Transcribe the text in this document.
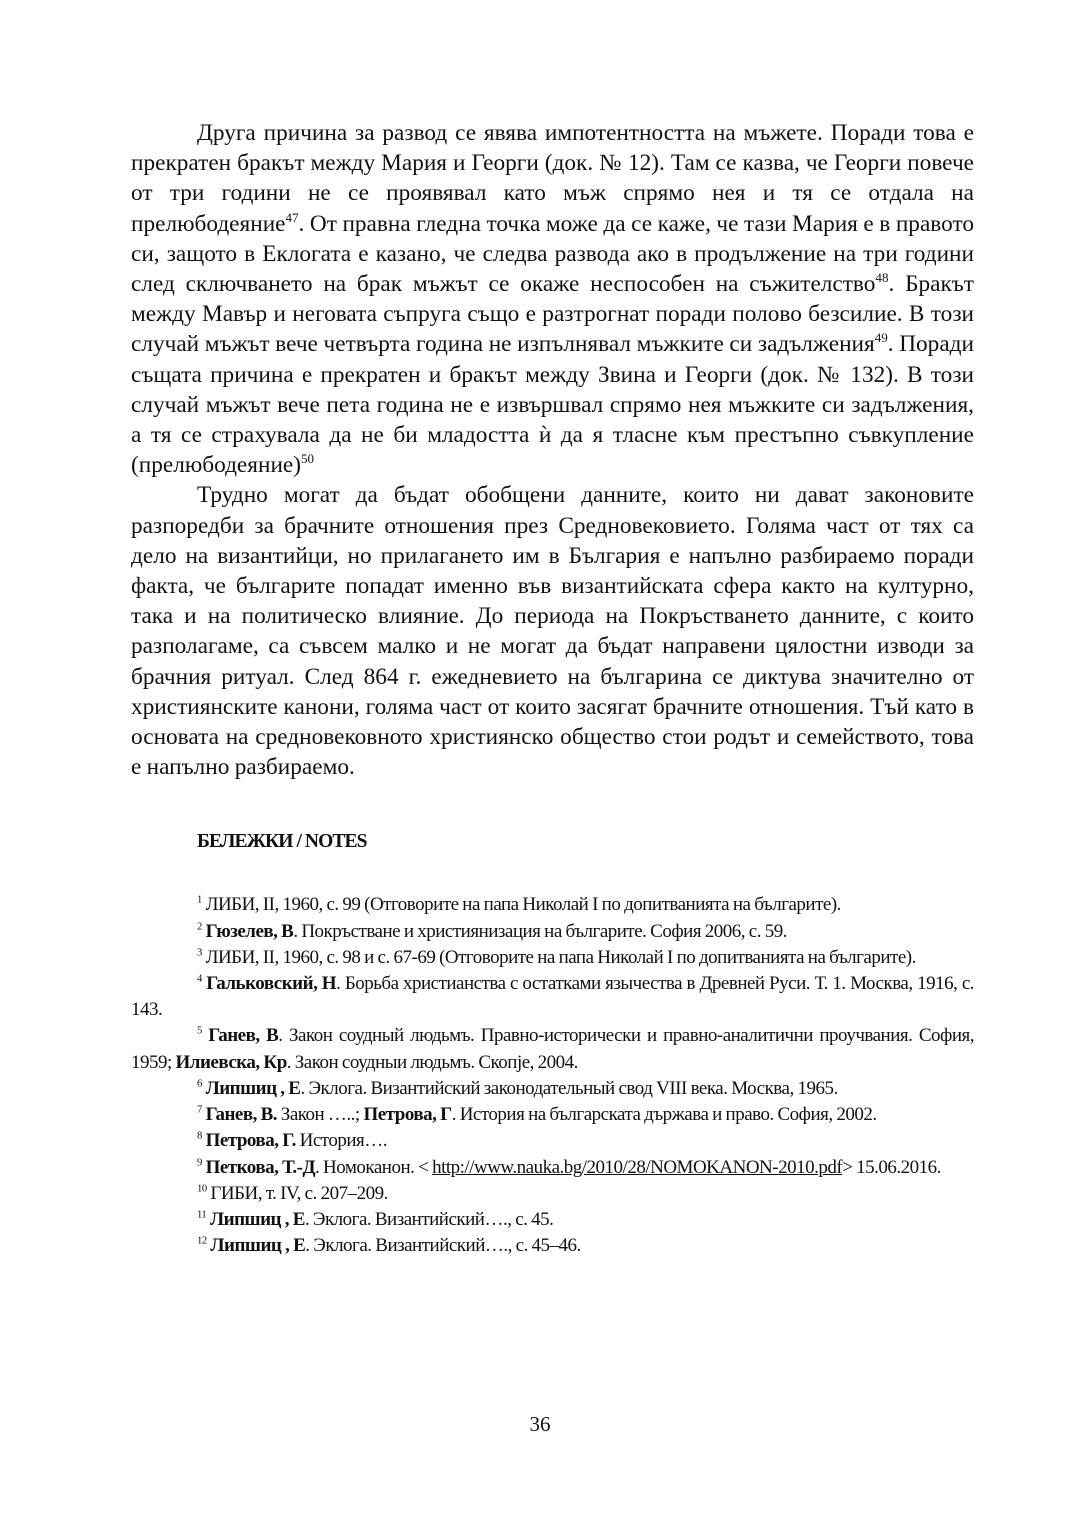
Друга причина за развод се явява импотентността на мъжете. Поради това е прекратен бракът между Мария и Георги (док. № 12). Там се казва, че Георги повече от три години не се проявявал като мъж спрямо нея и тя се отдала на прелюбодеяние$^{47}$. От правна гледна точка може да се каже, че тази Мария е в правото си, защото в Еклогата е казано, че следва развода ако в продължение на три години след сключването на брак мъжът се окаже неспособен на съжителство$^{48}$. Бракът между Мавър и неговата съпруга също е разтрогнат поради полово безсилие. В този случай мъжът вече четвърта година не изпълнявал мъжките си задължения$^{49}$. Поради същата причина е прекратен и бракът между Звина и Георги (док. № 132). В този случай мъжът вече пета година не е извършвал спрямо нея мъжките си задължения, а тя се страхувала да не би младостта ѝ да я тласне към престъпно съвкупление (прелюбодеяние)$^{50}$

Трудно могат да бъдат обобщени данните, които ни дават законовите разпоредби за брачните отношения през Средновековието. Голяма част от тях са дело на византийци, но прилагането им в България е напълно разбираемо поради факта, че българите попадат именно във византийската сфера както на културно, така и на политическо влияние. До периода на Покръстването данните, с които разполагаме, са съвсем малко и не могат да бъдат направени цялостни изводи за брачния ритуал. След 864 г. ежедневието на българина се диктува значително от християнските канони, голяма част от които засягат брачните отношения. Тъй като в основата на средновековното християнско общество стои родът и семейството, това е напълно разбираемо.

БЕЛЕЖКИ / NOTES

$^1$ ЛИБИ, II, 1960, с. 99 (Отговорите на папа Николай I по допитванията на българите).

$^2$ Гюзелев, В. Покръстване и християнизация на българите. София 2006, с. 59.

$^3$ ЛИБИ, II, 1960, с. 98 и с. 67-69 (Отговорите на папа Николай I по допитванията на българите).

$^4$ Гальковский, Н. Борьба христианства с остатками язычества в Древней Руси. Т. 1. Москва, 1916, с. 143.

$^5$ Ганев, В. Закон соудный людьмъ. Правно-исторически и правно-аналитични проучвания. София, 1959; Илиевска, Кр. Закон соудныи людьмъ. Скопje, 2004.

$^6$ Липшиц , Е. Эклога. Византийский законодательный свод VIII века. Москва, 1965.

$^7$ Ганев, В. Закон …..; Петрова, Г. История на българската държава и право. София, 2002.

$^8$ Петрова, Г. История….

$^9$ Петкова, Т.-Д. Номоканон. < http://www.nauka.bg/2010/28/NOMOKANON-2010.pdf> 15.06.2016.

$^{10}$ ГИБИ, т. IV, с. 207–209.

$^{11}$ Липшиц , Е. Эклога. Византийский…., с. 45.

$^{12}$ Липшиц , Е. Эклога. Византийский…., с. 45–46.

36
